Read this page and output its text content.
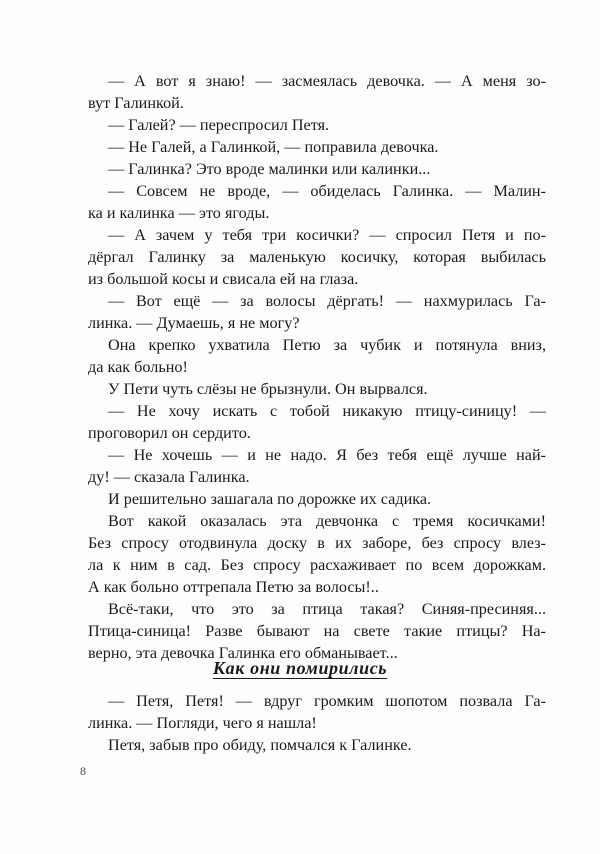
— А вот я знаю! — засмеялась девочка. — А меня зо-
вут Галинкой.
— Галей? — переспросил Петя.
— Не Галей, а Галинкой, — поправила девочка.
— Галинка? Это вроде малинки или калинки...
— Совсем не вроде, — обиделась Галинка. — Малин-
ка и калинка — это ягоды.
— А зачем у тебя три косички? — спросил Петя и по-
дёргал Галинку за маленькую косичку, которая выбилась
из большой косы и свисала ей на глаза.
— Вот ещё — за волосы дёргать! — нахмурилась Га-
линка. — Думаешь, я не могу?
Она крепко ухватила Петю за чубик и потянула вниз,
да как больно!
У Пети чуть слёзы не брызнули. Он вырвался.
— Не хочу искать с тобой никакую птицу-синицу! —
проговорил он сердито.
— Не хочешь — и не надо. Я без тебя ещё лучше най-
ду! — сказала Галинка.
И решительно зашагала по дорожке их садика.
Вот какой оказалась эта девчонка с тремя косичками!
Без спросу отодвинула доску в их заборе, без спросу влез-
ла к ним в сад. Без спросу расхаживает по всем дорожкам.
А как больно оттрепала Петю за волосы!..
Всё-таки, что это за птица такая? Синяя-пресиняя...
Птица-синица! Разве бывают на свете такие птицы? На-
верно, эта девочка Галинка его обманывает...
Как они помирились
— Петя, Петя! — вдруг громким шопотом позвала Га-
линка. — Погляди, чего я нашла!
Петя, забыв про обиду, помчался к Галинке.
8
